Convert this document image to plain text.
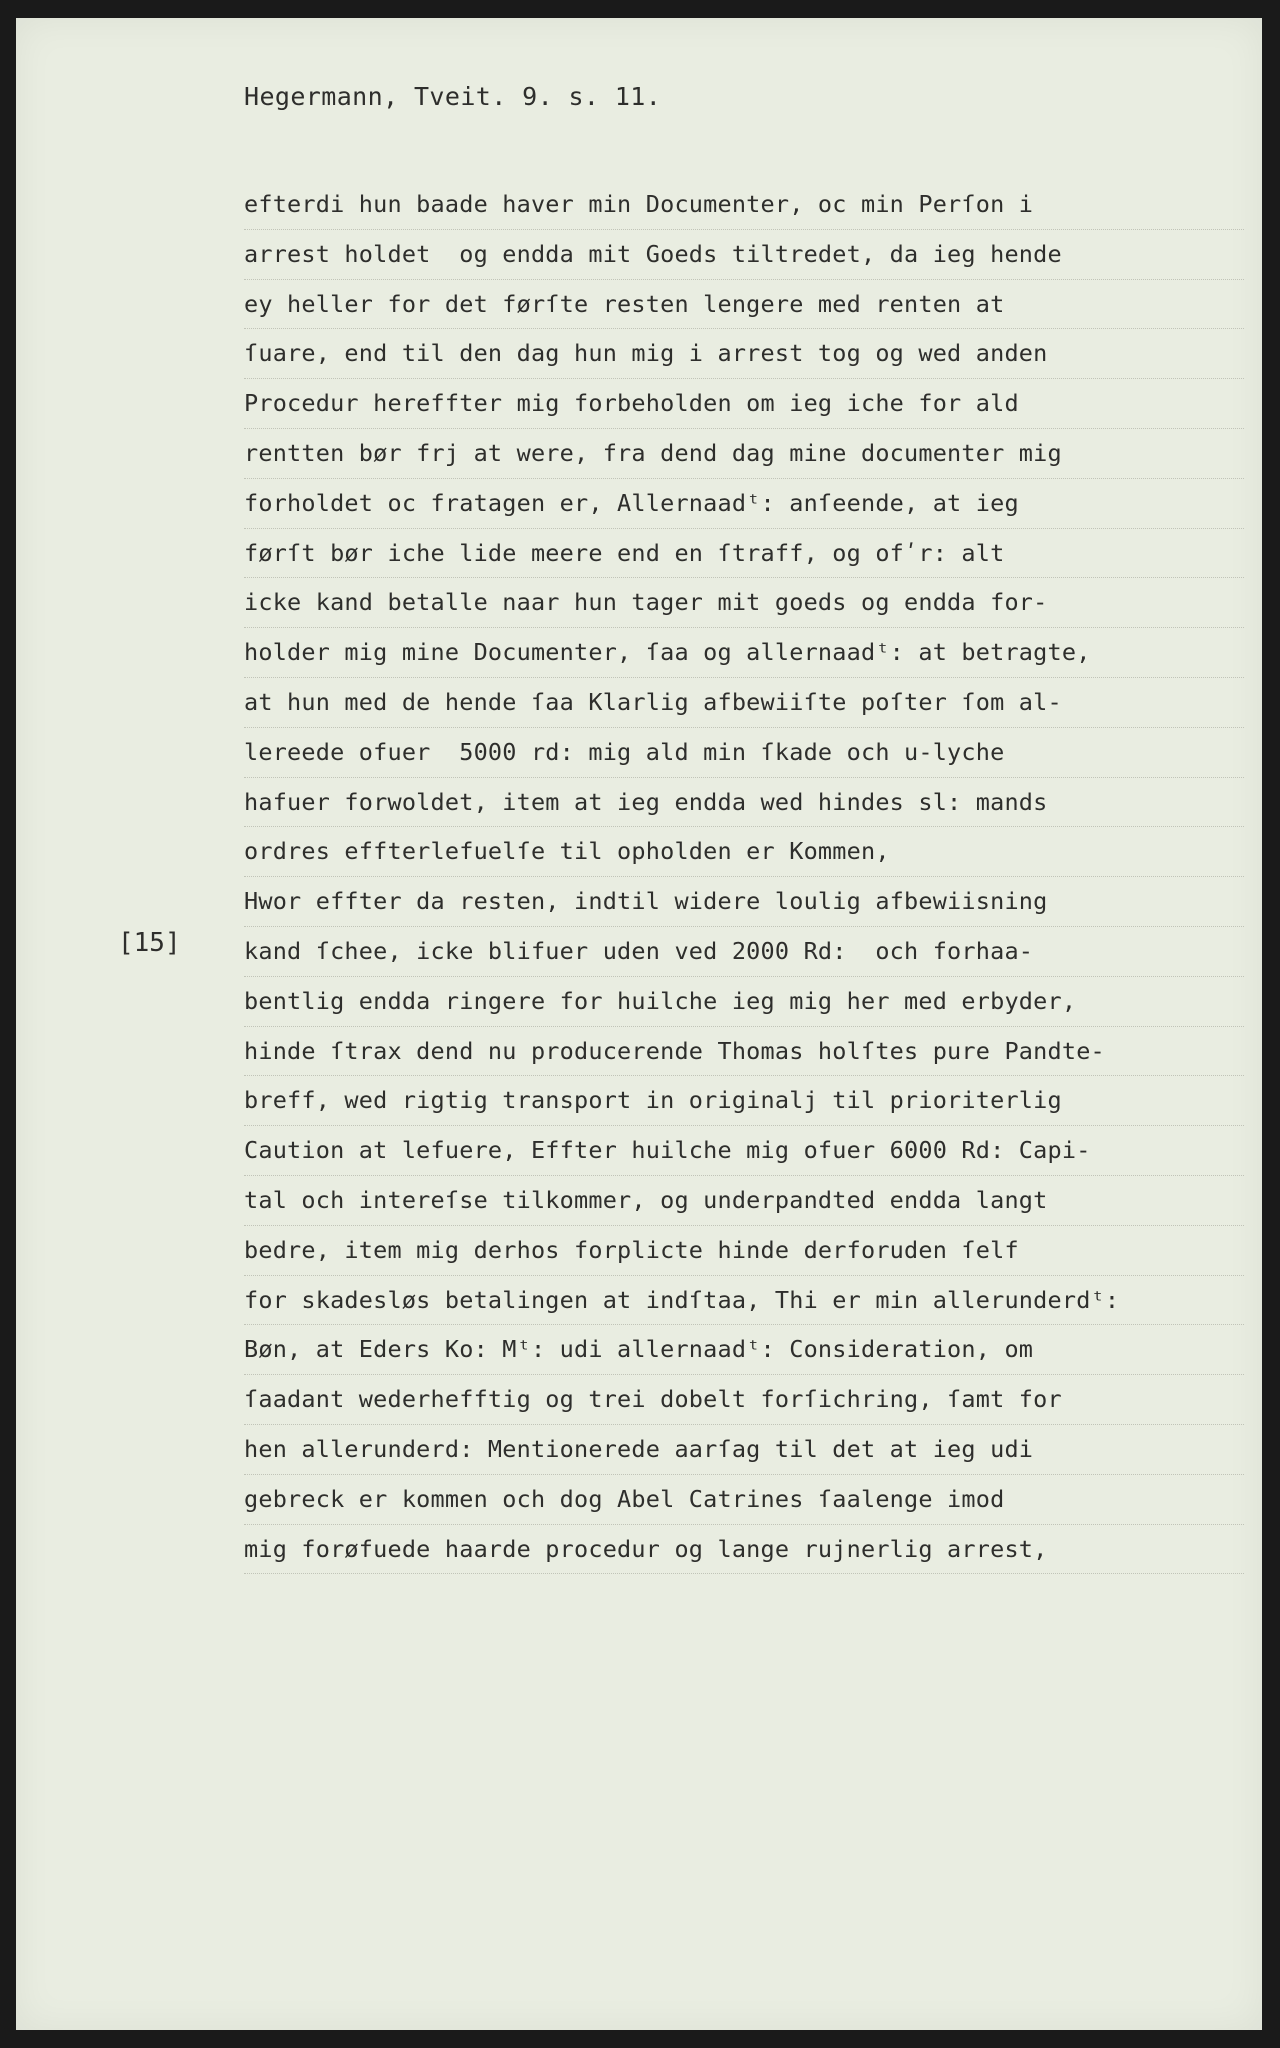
Hegermann, Tveit. 9. s. 11.
[15]
efterdi hun baade haver min Documenter, oc min Perſon i
arrest holdet  og endda mit Goeds tiltredet, da ieg hende
ey heller for det førſte resten lengere med renten at
ſuare, end til den dag hun mig i arrest tog og wed anden
Procedur hereffter mig forbeholden om ieg iche for ald
rentten bør frj at were, fra dend dag mine documenter mig
forholdet oc fratagen er, Allernaadᵗ: anſeende, at ieg
førſt bør iche lide meere end en ſtraff, og ofʹr: alt
icke kand betalle naar hun tager mit goeds og endda for-
holder mig mine Documenter, ſaa og allernaadᵗ: at betragte,
at hun med de hende ſaa Klarlig afbewiiſte poſter ſom al-
lereede ofuer  5000 rd: mig ald min ſkade och u-lyche
hafuer forwoldet, item at ieg endda wed hindes sl: mands
ordres effterlefuelſe til opholden er Kommen,
Hwor effter da resten, indtil widere loulig afbewiisning
kand ſchee, icke blifuer uden ved 2000 Rd:  och forhaa-
bentlig endda ringere for huilche ieg mig her med erbyder,
hinde ſtrax dend nu producerende Thomas holſtes pure Pandte-
breff, wed rigtig transport in originalj til prioriterlig
Caution at lefuere, Effter huilche mig ofuer 6000 Rd: Capi-
tal och intereſse tilkommer, og underpandted endda langt
bedre, item mig derhos forplicte hinde derforuden ſelf
for skadesløs betalingen at indſtaa, Thi er min allerunderdᵗ:
Bøn, at Eders Ko: Mᵗ: udi allernaadᵗ: Consideration, om
ſaadant wederhefftig og trei dobelt forſichring, ſamt for
hen allerunderd: Mentionerede aarſag til det at ieg udi
gebreck er kommen och dog Abel Catrines ſaalenge imod
mig forøfuede haarde procedur og lange rujnerlig arrest,
